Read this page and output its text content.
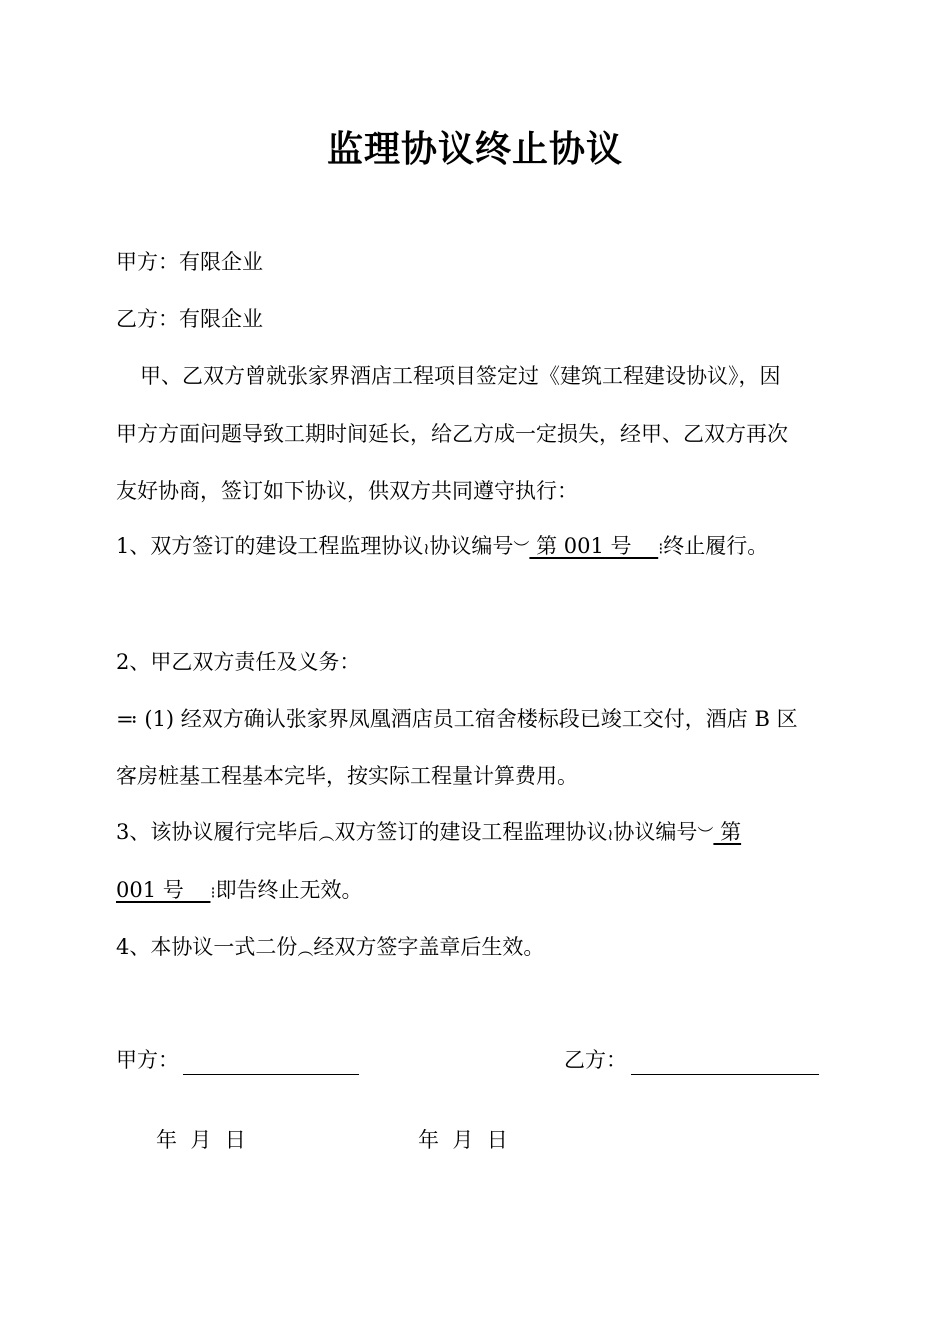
监理协议终止协议
甲方：有限企业
乙方：有限企业
甲、乙双方曾就张家界酒店工程项目签定过《建筑工程建设协议》，因
甲方方面问题导致工期时间延长，给乙方成一定损失，经甲、乙双方再次
友好协商，签订如下协议，供双方共同遵守执行：
1、双方签订的建设工程监理协议≀协议编号︶ 第 001 号    ⁝终止履行。
2、甲乙双方责任及义务：
≕ (1) 经双方确认张家界凤凰酒店员工宿舍楼标段已竣工交付，酒店 B 区
客房桩基工程基本完毕，按实际工程量计算费用。
3、该协议履行完毕后︵双方签订的建设工程监理协议≀协议编号︶ 第
001 号    ⁝即告终止无效。
4、本协议一式二份︵经双方签字盖章后生效。
甲方：	乙方：
年  月  日	年  月  日
